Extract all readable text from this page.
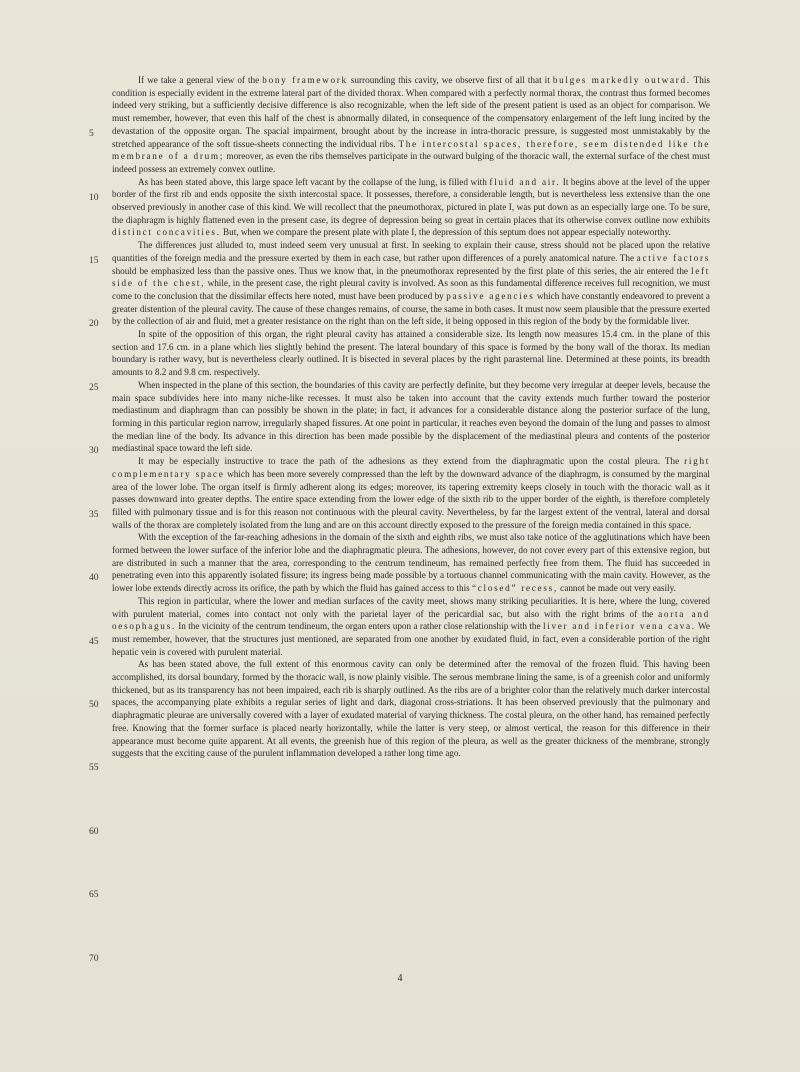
If we take a general view of the bony framework surrounding this cavity, we observe first of all that it bulges markedly outward. This condition is especially evident in the extreme lateral part of the divided thorax. When compared with a perfectly normal thorax, the contrast thus formed becomes indeed very striking, but a sufficiently decisive difference is also recognizable, when the left side of the present patient is used as an object for comparison. We must remember, however, that even this half of the chest is abnormally dilated, in consequence of the compensatory enlargement of the left lung incited by the devastation of the opposite organ. The spacial impairment, brought about by the increase in intra-thoracic pressure, is suggested most unmistakably by the stretched appearance of the soft tissue-sheets connecting the individual ribs. The intercostal spaces, therefore, seem distended like the membrane of a drum; moreover, as even the ribs themselves participate in the outward bulging of the thoracic wall, the external surface of the chest must indeed possess an extremely convex outline.

As has been stated above, this large space left vacant by the collapse of the lung, is filled with fluid and air. It begins above at the level of the upper border of the first rib and ends opposite the sixth intercostal space. It possesses, therefore, a considerable length, but is nevertheless less extensive than the one observed previously in another case of this kind. We will recollect that the pneumothorax, pictured in plate I, was put down as an especially large one. To be sure, the diaphragm is highly flattened even in the present case, its degree of depression being so great in certain places that its otherwise convex outline now exhibits distinct concavities. But, when we compare the present plate with plate I, the depression of this septum does not appear especially noteworthy.

The differences just alluded to, must indeed seem very unusual at first. In seeking to explain their cause, stress should not be placed upon the relative quantities of the foreign media and the pressure exerted by them in each case, but rather upon differences of a purely anatomical nature. The active factors should be emphasized less than the passive ones. Thus we know that, in the pneumothorax represented by the first plate of this series, the air entered the left side of the chest, while, in the present case, the right pleural cavity is involved. As soon as this fundamental difference receives full recognition, we must come to the conclusion that the dissimilar effects here noted, must have been produced by passive agencies which have constantly endeavored to prevent a greater distention of the pleural cavity. The cause of these changes remains, of course, the same in both cases. It must now seem plausible that the pressure exerted by the collection of air and fluid, met a greater resistance on the right than on the left side, it being opposed in this region of the body by the formidable liver.

In spite of the opposition of this organ, the right pleural cavity has attained a considerable size. Its length now measures 15.4 cm. in the plane of this section and 17.6 cm. in a plane which lies slightly behind the present. The lateral boundary of this space is formed by the bony wall of the thorax. Its median boundary is rather wavy, but is nevertheless clearly outlined. It is bisected in several places by the right parasternal line. Determined at these points, its breadth amounts to 8.2 and 9.8 cm. respectively.

When inspected in the plane of this section, the boundaries of this cavity are perfectly definite, but they become very irregular at deeper levels, because the main space subdivides here into many niche-like recesses. It must also be taken into account that the cavity extends much further toward the posterior mediastinum and diaphragm than can possibly be shown in the plate; in fact, it advances for a considerable distance along the posterior surface of the lung, forming in this particular region narrow, irregularly shaped fissures. At one point in particular, it reaches even beyond the domain of the lung and passes to almost the median line of the body. Its advance in this direction has been made possible by the displacement of the mediastinal pleura and contents of the posterior mediastinal space toward the left side.

It may be especially instructive to trace the path of the adhesions as they extend from the diaphragmatic upon the costal pleura. The right complementary space which has been more severely compressed than the left by the downward advance of the diaphragm, is consumed by the marginal area of the lower lobe. The organ itself is firmly adherent along its edges; moreover, its tapering extremity keeps closely in touch with the thoracic wall as it passes downward into greater depths. The entire space extending from the lower edge of the sixth rib to the upper border of the eighth, is therefore completely filled with pulmonary tissue and is for this reason not continuous with the pleural cavity. Nevertheless, by far the largest extent of the ventral, lateral and dorsal walls of the thorax are completely isolated from the lung and are on this account directly exposed to the pressure of the foreign media contained in this space.

With the exception of the far-reaching adhesions in the domain of the sixth and eighth ribs, we must also take notice of the agglutinations which have been formed between the lower surface of the inferior lobe and the diaphragmatic pleura. The adhesions, however, do not cover every part of this extensive region, but are distributed in such a manner that the area, corresponding to the centrum tendineum, has remained perfectly free from them. The fluid has succeeded in penetrating even into this apparently isolated fissure; its ingress being made possible by a tortuous channel communicating with the main cavity. However, as the lower lobe extends directly across its orifice, the path by which the fluid has gained access to this “closed” recess, cannot be made out very easily.

This region in particular, where the lower and median surfaces of the cavity meet, shows many striking peculiarities. It is here, where the lung, covered with purulent material, comes into contact not only with the parietal layer of the pericardial sac, but also with the right brims of the aorta and oesophagus. In the vicinity of the centrum tendineum, the organ enters upon a rather close relationship with the liver and inferior vena cava. We must remember, however, that the structures just mentioned, are separated from one another by exudated fluid, in fact, even a considerable portion of the right hepatic vein is covered with purulent material.

As has been stated above, the full extent of this enormous cavity can only be determined after the removal of the frozen fluid. This having been accomplished, its dorsal boundary, formed by the thoracic wall, is now plainly visible. The serous membrane lining the same, is of a greenish color and uniformly thickened, but as its transparency has not been impaired, each rib is sharply outlined. As the ribs are of a brighter color than the relatively much darker intercostal spaces, the accompanying plate exhibits a regular series of light and dark, diagonal cross-striations. It has been observed previously that the pulmonary and diaphragmatic pleurae are universally covered with a layer of exudated material of varying thickness. The costal pleura, on the other hand, has remained perfectly free. Knowing that the former surface is placed nearly horizontally, while the latter is very steep, or almost vertical, the reason for this difference in their appearance must become quite apparent. At all events, the greenish hue of this region of the pleura, as well as the greater thickness of the membrane, strongly suggests that the exciting cause of the purulent inflammation developed a rather long time ago.

5
10
15
20
25
30
35
40
45
50
55
60
65
70
4
